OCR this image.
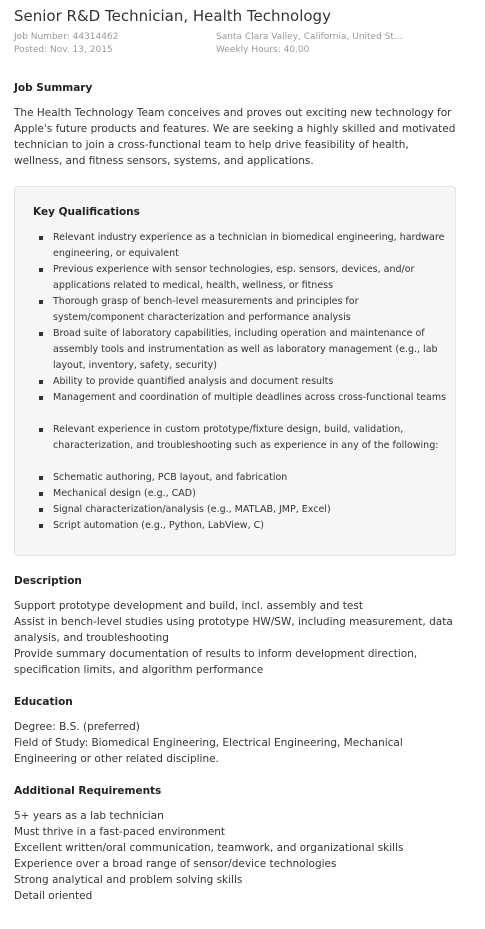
Senior R&D Technician, Health Technology
Job Number: 44314462
Posted: Nov. 13, 2015
Santa Clara Valley, California, United St...
Weekly Hours: 40.00
Job Summary
The Health Technology Team conceives and proves out exciting new technology for
Apple's future products and features. We are seeking a highly skilled and motivated
technician to join a cross-functional team to help drive feasibility of health,
wellness, and fitness sensors, systems, and applications.
Key Qualifications
Relevant industry experience as a technician in biomedical engineering, hardware engineering, or equivalent
Previous experience with sensor technologies, esp. sensors, devices, and/or applications related to medical, health, wellness, or fitness
Thorough grasp of bench-level measurements and principles for system/component characterization and performance analysis
Broad suite of laboratory capabilities, including operation and maintenance of assembly tools and instrumentation as well as laboratory management (e.g., lab layout, inventory, safety, security)
Ability to provide quantified analysis and document results
Management and coordination of multiple deadlines across cross-functional teams
Relevant experience in custom prototype/fixture design, build, validation, characterization, and troubleshooting such as experience in any of the following:
Schematic authoring, PCB layout, and fabrication
Mechanical design (e.g., CAD)
Signal characterization/analysis (e.g., MATLAB, JMP, Excel)
Script automation (e.g., Python, LabView, C)
Description
Support prototype development and build, incl. assembly and test
Assist in bench-level studies using prototype HW/SW, including measurement, data
analysis, and troubleshooting
Provide summary documentation of results to inform development direction,
specification limits, and algorithm performance
Education
Degree: B.S. (preferred)
Field of Study: Biomedical Engineering, Electrical Engineering, Mechanical
Engineering or other related discipline.
Additional Requirements
5+ years as a lab technician
Must thrive in a fast-paced environment
Excellent written/oral communication, teamwork, and organizational skills
Experience over a broad range of sensor/device technologies
Strong analytical and problem solving skills
Detail oriented
